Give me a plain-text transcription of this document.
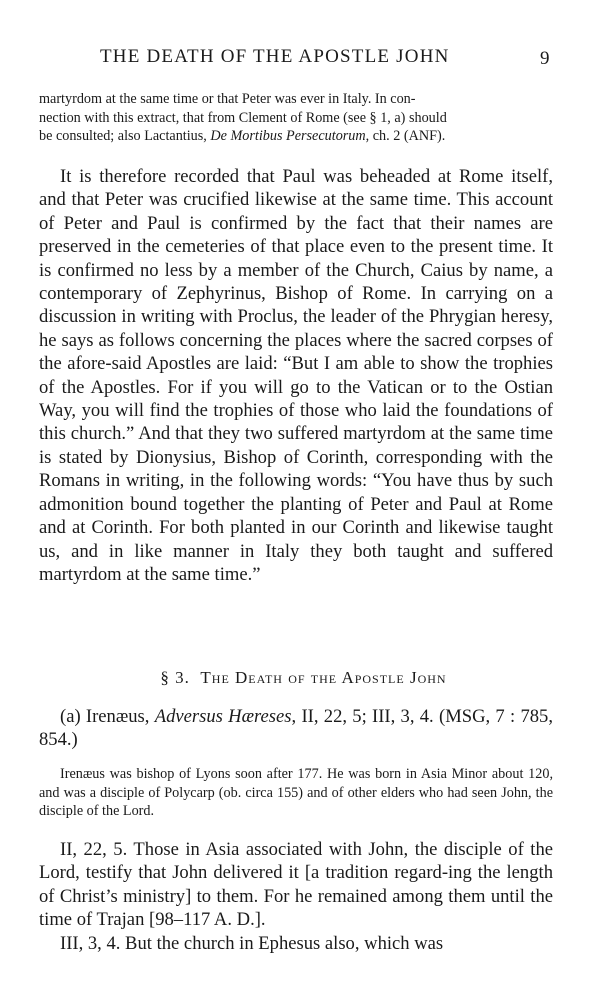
THE DEATH OF THE APOSTLE JOHN	9

martyrdom at the same time or that Peter was ever in Italy. In con-
nection with this extract, that from Clement of Rome (see § 1, a) should
be consulted; also Lactantius, De Mortibus Persecutorum, ch. 2 (ANF).

It is therefore recorded that Paul was beheaded at Rome itself, and that Peter was crucified likewise at the same time. This account of Peter and Paul is confirmed by the fact that their names are preserved in the cemeteries of that place even to the present time. It is confirmed no less by a member of the Church, Caius by name, a contemporary of Zephyrinus, Bishop of Rome. In carrying on a discussion in writing with Proclus, the leader of the Phrygian heresy, he says as follows concerning the places where the sacred corpses of the afore-said Apostles are laid: “But I am able to show the trophies of the Apostles. For if you will go to the Vatican or to the Ostian Way, you will find the trophies of those who laid the foundations of this church.” And that they two suffered martyrdom at the same time is stated by Dionysius, Bishop of Corinth, corresponding with the Romans in writing, in the following words: “You have thus by such admonition bound together the planting of Peter and Paul at Rome and at Corinth. For both planted in our Corinth and likewise taught us, and in like manner in Italy they both taught and suffered martyrdom at the same time.”

§ 3. The Death of the Apostle John

(a) Irenæus, Adversus Hæreses, II, 22, 5; III, 3, 4. (MSG, 7 : 785, 854.)

Irenæus was bishop of Lyons soon after 177. He was born in Asia Minor about 120, and was a disciple of Polycarp (ob. circa 155) and of other elders who had seen John, the disciple of the Lord.

II, 22, 5. Those in Asia associated with John, the disciple of the Lord, testify that John delivered it [a tradition regard-ing the length of Christ’s ministry] to them. For he remained among them until the time of Trajan [98–117 A. D.].

III, 3, 4. But the church in Ephesus also, which was
